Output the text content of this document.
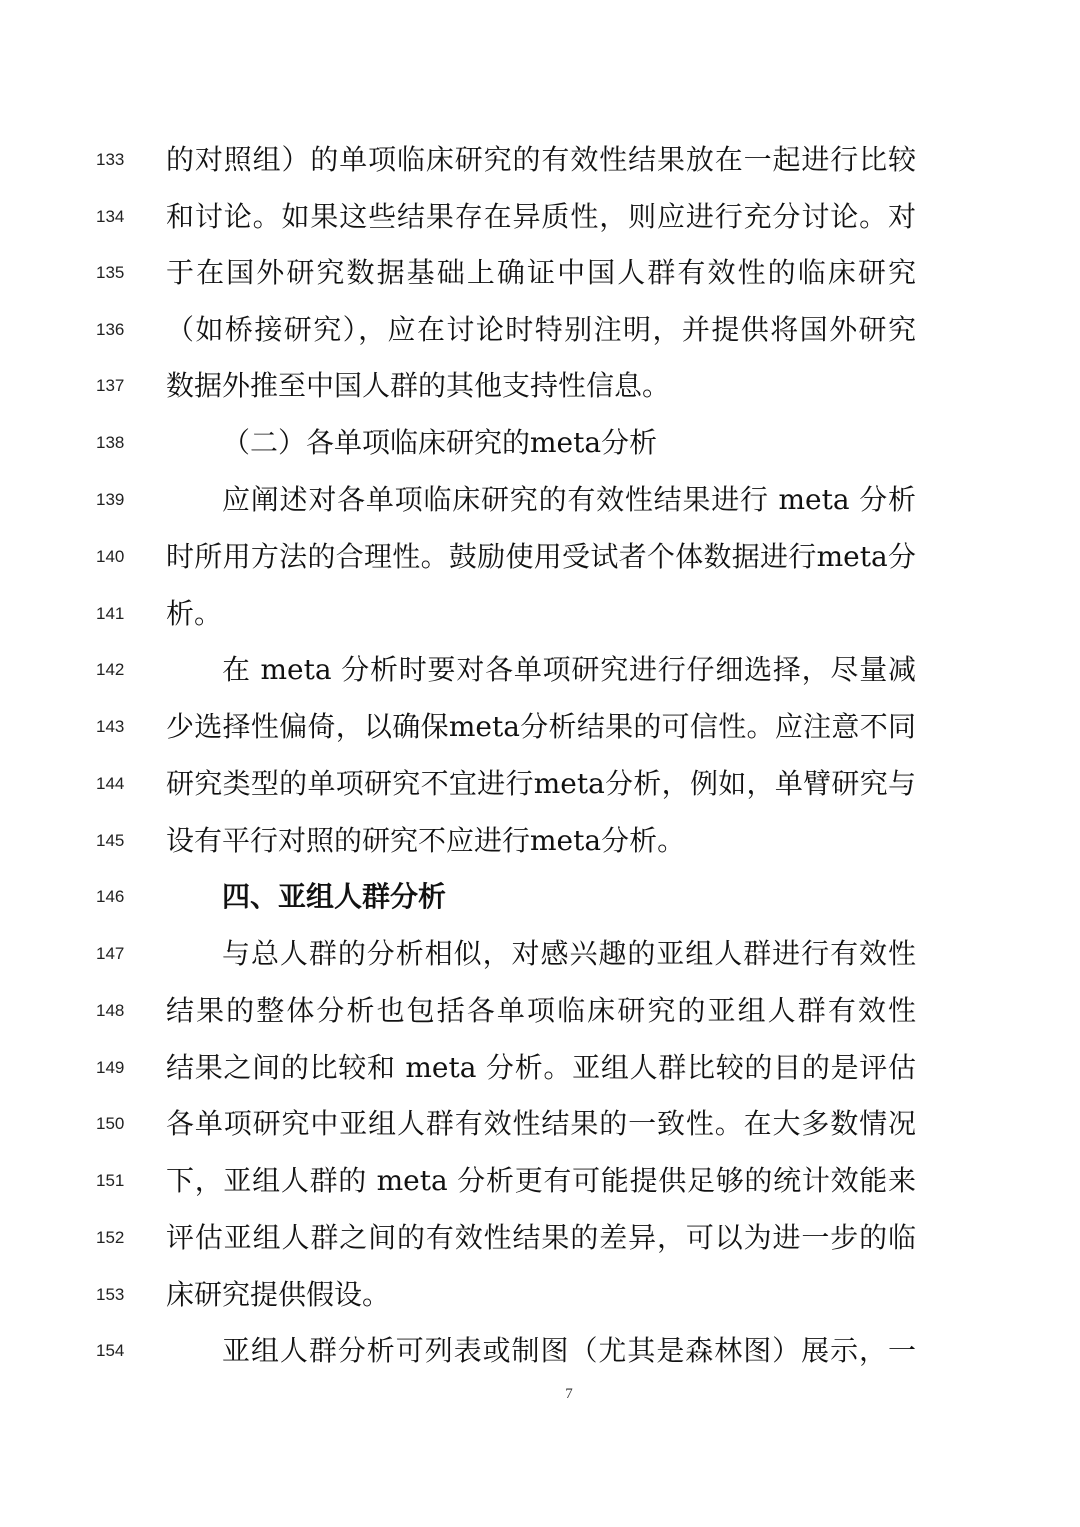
133	的对照组）的单项临床研究的有效性结果放在一起进行比较
134	和讨论。如果这些结果存在异质性，则应进行充分讨论。对
135	于在国外研究数据基础上确证中国人群有效性的临床研究
136	（如桥接研究），应在讨论时特别注明，并提供将国外研究
137	数据外推至中国人群的其他支持性信息。
138	（二）各单项临床研究的meta分析
139	应阐述对各单项临床研究的有效性结果进行 meta 分析
140	时所用方法的合理性。鼓励使用受试者个体数据进行meta分
141	析。
142	在 meta 分析时要对各单项研究进行仔细选择，尽量减
143	少选择性偏倚，以确保meta分析结果的可信性。应注意不同
144	研究类型的单项研究不宜进行meta分析，例如，单臂研究与
145	设有平行对照的研究不应进行meta分析。
146	四、亚组人群分析
147	与总人群的分析相似，对感兴趣的亚组人群进行有效性
148	结果的整体分析也包括各单项临床研究的亚组人群有效性
149	结果之间的比较和 meta 分析。亚组人群比较的目的是评估
150	各单项研究中亚组人群有效性结果的一致性。在大多数情况
151	下，亚组人群的 meta 分析更有可能提供足够的统计效能来
152	评估亚组人群之间的有效性结果的差异，可以为进一步的临
153	床研究提供假设。
154	亚组人群分析可列表或制图（尤其是森林图）展示，一
7
